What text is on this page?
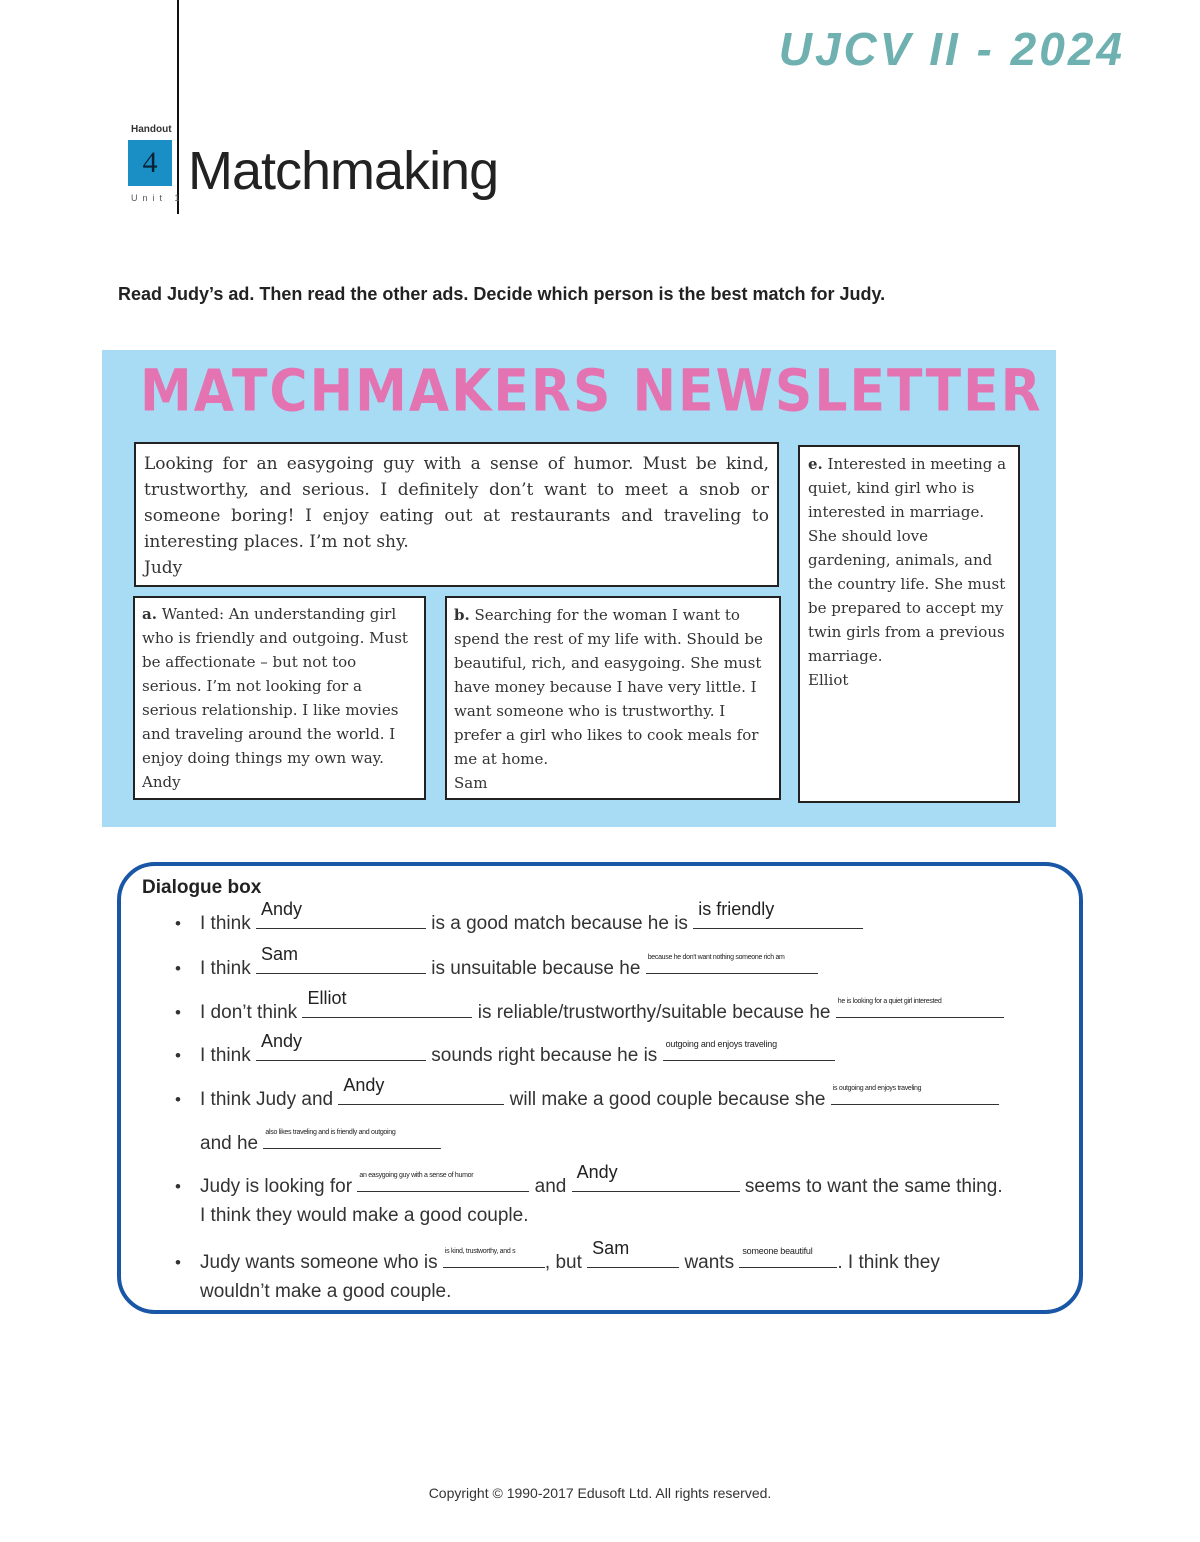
UJCV II - 2024
Handout
4
Unit 1 Matchmaking
Read Judy’s ad. Then read the other ads. Decide which person is the best match for Judy.
MATCHMAKERS NEWSLETTER

Looking for an easygoing guy with a sense of humor. Must be kind, trustworthy, and serious. I definitely don’t want to meet a snob or someone boring! I enjoy eating out at restaurants and traveling to interesting places. I’m not shy.

Judy

a. Wanted: An understanding girl who is friendly and outgoing. Must be affectionate – but not too serious. I’m not looking for a serious relationship. I like movies and traveling around the world. I enjoy doing things my own way.

Andy

b. Searching for the woman I want to spend the rest of my life with. Should be beautiful, rich, and easygoing. She must have money because I have very little. I want someone who is trustworthy. I prefer a girl who likes to cook meals for me at home.

Sam

e. Interested in meeting a quiet, kind girl who is interested in marriage. She should love gardening, animals, and the country life. She must be prepared to accept my twin girls from a previous marriage.

Elliot

Dialogue box
• I think
Andy
is a good match because he is
is friendly
• I think
Sam
is unsuitable because he
because he don't want nothing someone rich am
• I don’t think
Elliot
is reliable/trustworthy/suitable because he
he is looking for a quiet girl interested
• I think
Andy
sounds right because he is
outgoing and enjoys traveling
• I think Judy and
Andy
will make a good couple because she
is outgoing and enjoys traveling
and he
also likes traveling and is friendly and outgoing
• Judy is looking for
an easygoing guy with a sense of humor
and
Andy
seems to want the same thing.
I think they would make a good couple.
• Judy wants someone who is
is kind, trustworthy, and s
, but
Sam
wants
someone beautiful
. I think they
wouldn’t make a good couple.
Copyright © 1990-2017 Edusoft Ltd. All rights reserved.
